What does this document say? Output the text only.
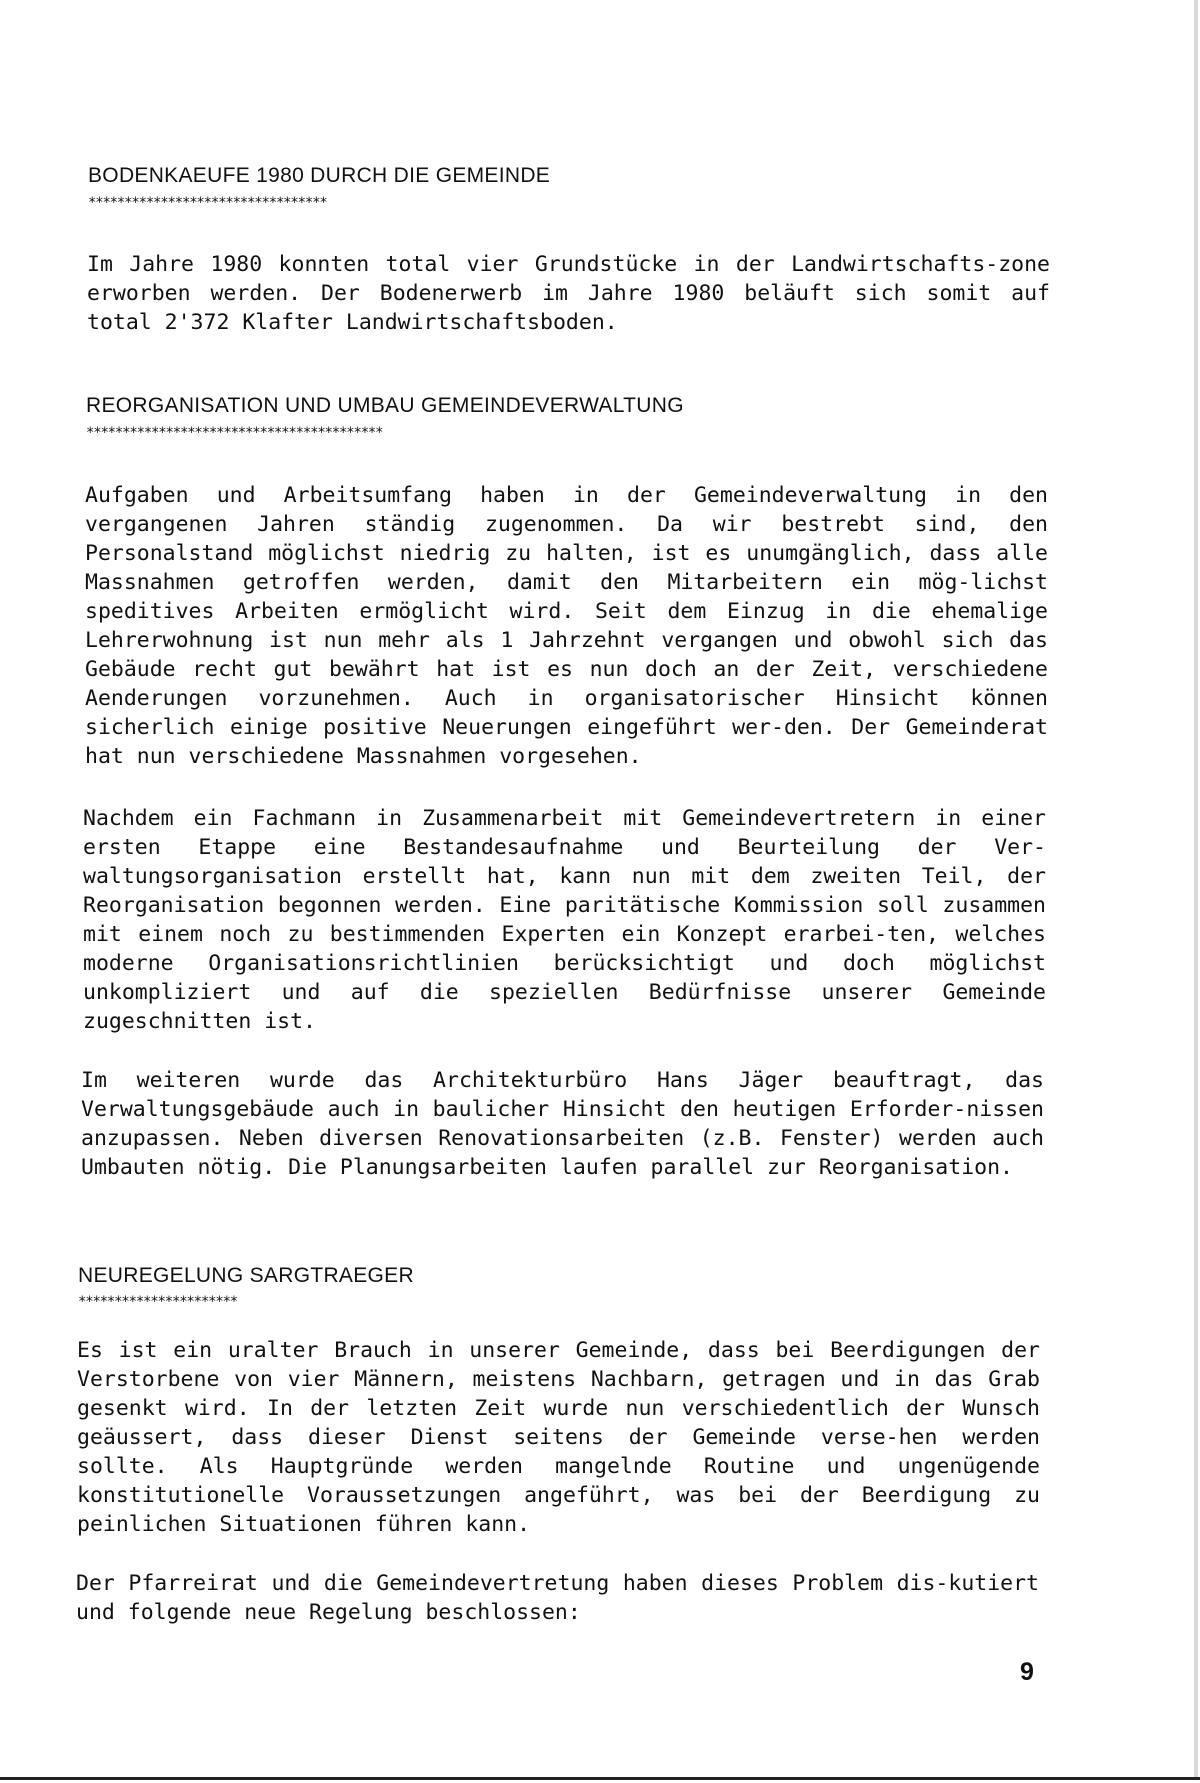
BODENKAEUFE 1980 DURCH DIE GEMEINDE
*********************************
Im Jahre 1980 konnten total vier Grundstücke in der Landwirtschafts-zone erworben werden. Der Bodenerwerb im Jahre 1980 beläuft sich somit auf total 2'372 Klafter Landwirtschaftsboden.
REORGANISATION UND UMBAU GEMEINDEVERWALTUNG
*****************************************
Aufgaben und Arbeitsumfang haben in der Gemeindeverwaltung in den vergangenen Jahren ständig zugenommen. Da wir bestrebt sind, den Personalstand möglichst niedrig zu halten, ist es unumgänglich, dass alle Massnahmen getroffen werden, damit den Mitarbeitern ein mög-lichst speditives Arbeiten ermöglicht wird. Seit dem Einzug in die ehemalige Lehrerwohnung ist nun mehr als 1 Jahrzehnt vergangen und obwohl sich das Gebäude recht gut bewährt hat ist es nun doch an der Zeit, verschiedene Aenderungen vorzunehmen. Auch in organisatorischer Hinsicht können sicherlich einige positive Neuerungen eingeführt wer-den. Der Gemeinderat hat nun verschiedene Massnahmen vorgesehen.
Nachdem ein Fachmann in Zusammenarbeit mit Gemeindevertretern in einer ersten Etappe eine Bestandesaufnahme und Beurteilung der Ver-waltungsorganisation erstellt hat, kann nun mit dem zweiten Teil, der Reorganisation begonnen werden. Eine paritätische Kommission soll zusammen mit einem noch zu bestimmenden Experten ein Konzept erarbei-ten, welches moderne Organisationsrichtlinien berücksichtigt und doch möglichst unkompliziert und auf die speziellen Bedürfnisse unserer Gemeinde zugeschnitten ist.
Im weiteren wurde das Architekturbüro Hans Jäger beauftragt, das Verwaltungsgebäude auch in baulicher Hinsicht den heutigen Erforder-nissen anzupassen. Neben diversen Renovationsarbeiten (z.B. Fenster) werden auch Umbauten nötig. Die Planungsarbeiten laufen parallel zur Reorganisation.
NEUREGELUNG SARGTRAEGER
**********************
Es ist ein uralter Brauch in unserer Gemeinde, dass bei Beerdigungen der Verstorbene von vier Männern, meistens Nachbarn, getragen und in das Grab gesenkt wird. In der letzten Zeit wurde nun verschiedentlich der Wunsch geäussert, dass dieser Dienst seitens der Gemeinde verse-hen werden sollte. Als Hauptgründe werden mangelnde Routine und ungenügende konstitutionelle Voraussetzungen angeführt, was bei der Beerdigung zu peinlichen Situationen führen kann.
Der Pfarreirat und die Gemeindevertretung haben dieses Problem dis-kutiert und folgende neue Regelung beschlossen:
9
